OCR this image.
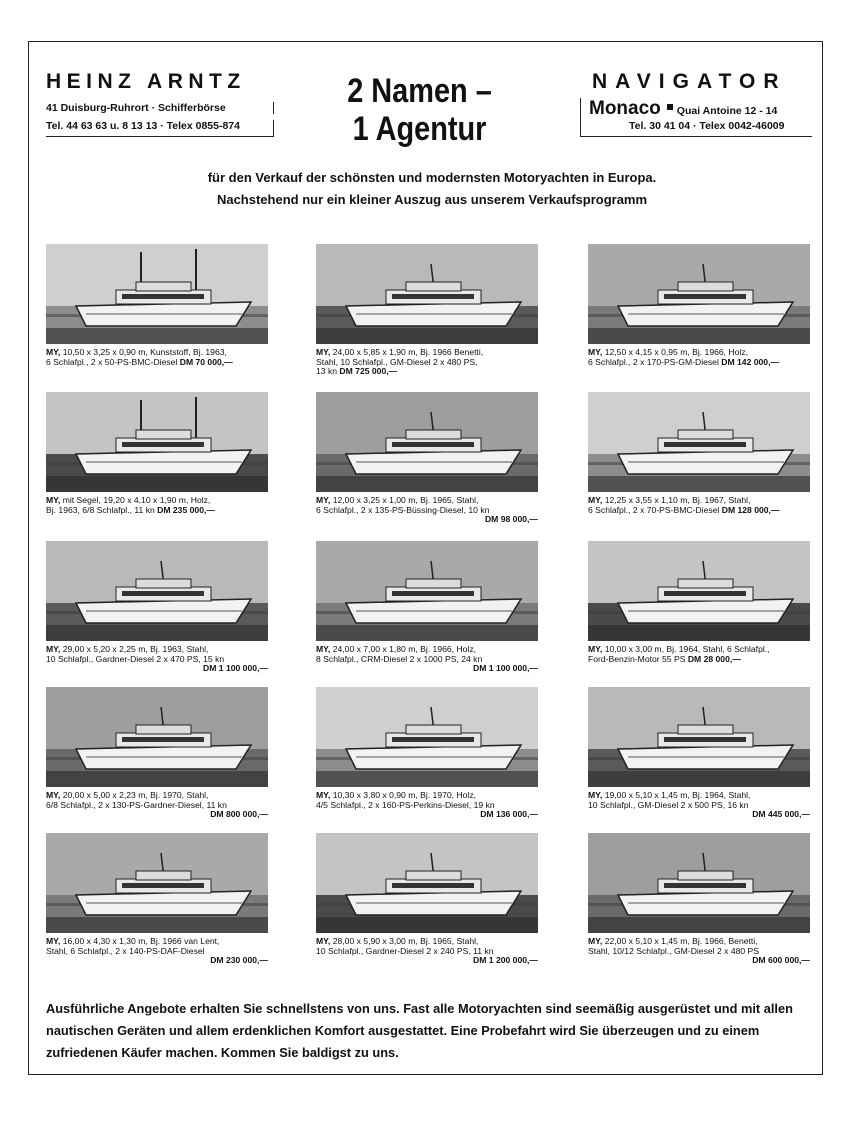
HEINZ ARNTZ
41 Duisburg-Ruhrort · Schifferbörse
Tel. 44 63 63 u. 8 13 13 · Telex 0855-874
2 Namen –
1 Agentur
NAVIGATOR
Monaco Quai Antoine 12 - 14
Tel. 30 41 04 · Telex 0042-46009
für den Verkauf der schönsten und modernsten Motoryachten in Europa.
Nachstehend nur ein kleiner Auszug aus unserem Verkaufsprogramm
MY, 10,50 x 3,25 x 0,90 m, Kunststoff, Bj. 1963,
6 Schlafpl., 2 x 50-PS-BMC-Diesel DM 70 000,—
MY, 24,00 x 5,85 x 1,90 m, Bj. 1966 Benetti,
Stahl, 10 Schlafpl., GM-Diesel 2 x 480 PS,
13 kn DM 725 000,—
MY, 12,50 x 4,15 x 0,95 m, Bj. 1966, Holz,
6 Schlafpl., 2 x 170-PS-GM-Diesel DM 142 000,—
MY, mit Segel, 19,20 x 4,10 x 1,90 m, Holz,
Bj. 1963, 6/8 Schlafpl., 11 kn DM 235 000,—
MY, 12,00 x 3,25 x 1,00 m, Bj. 1965, Stahl,
6 Schlafpl., 2 x 135-PS-Büssing-Diesel, 10 kn
DM 98 000,—
MY, 12,25 x 3,55 x 1,10 m, Bj. 1967, Stahl,
6 Schlafpl., 2 x 70-PS-BMC-Diesel DM 128 000,—
MY, 29,00 x 5,20 x 2,25 m, Bj. 1963, Stahl,
10 Schlafpl., Gardner-Diesel 2 x 470 PS, 15 kn
DM 1 100 000,—
MY, 24,00 x 7,00 x 1,80 m, Bj. 1966, Holz,
8 Schlafpl., CRM-Diesel 2 x 1000 PS, 24 kn
DM 1 100 000,—
MY, 10,00 x 3,00 m, Bj. 1964, Stahl, 6 Schlafpl.,
Ford-Benzin-Motor 55 PS DM 28 000,—
MY, 20,00 x 5,00 x 2,23 m, Bj. 1970, Stahl,
6/8 Schlafpl., 2 x 130-PS-Gardner-Diesel, 11 kn
DM 800 000,—
MY, 10,30 x 3,80 x 0,90 m, Bj. 1970, Holz,
4/5 Schlafpl., 2 x 160-PS-Perkins-Diesel, 19 kn
DM 136 000,—
MY, 19,00 x 5,10 x 1,45 m, Bj. 1964, Stahl,
10 Schlafpl., GM-Diesel 2 x 500 PS, 16 kn
DM 445 000,—
MY, 16,00 x 4,30 x 1,30 m, Bj. 1966 van Lent,
Stahl, 6 Schlafpl., 2 x 140-PS-DAF-Diesel
DM 230 000,—
MY, 28,00 x 5,90 x 3,00 m, Bj. 1965, Stahl,
10 Schlafpl., Gardner-Diesel 2 x 240 PS, 11 kn
DM 1 200 000,—
MY, 22,00 x 5,10 x 1,45 m, Bj. 1966, Benetti,
Stahl, 10/12 Schlafpl., GM-Diesel 2 x 480 PS
DM 600 000,—
Ausführliche Angebote erhalten Sie schnellstens von uns. Fast alle Motoryachten sind seemäßig ausgerüstet und mit allen nautischen Geräten und allem erdenklichen Komfort ausgestattet. Eine Probefahrt wird Sie überzeugen und zu einem zufriedenen Käufer machen. Kommen Sie baldigst zu uns.
